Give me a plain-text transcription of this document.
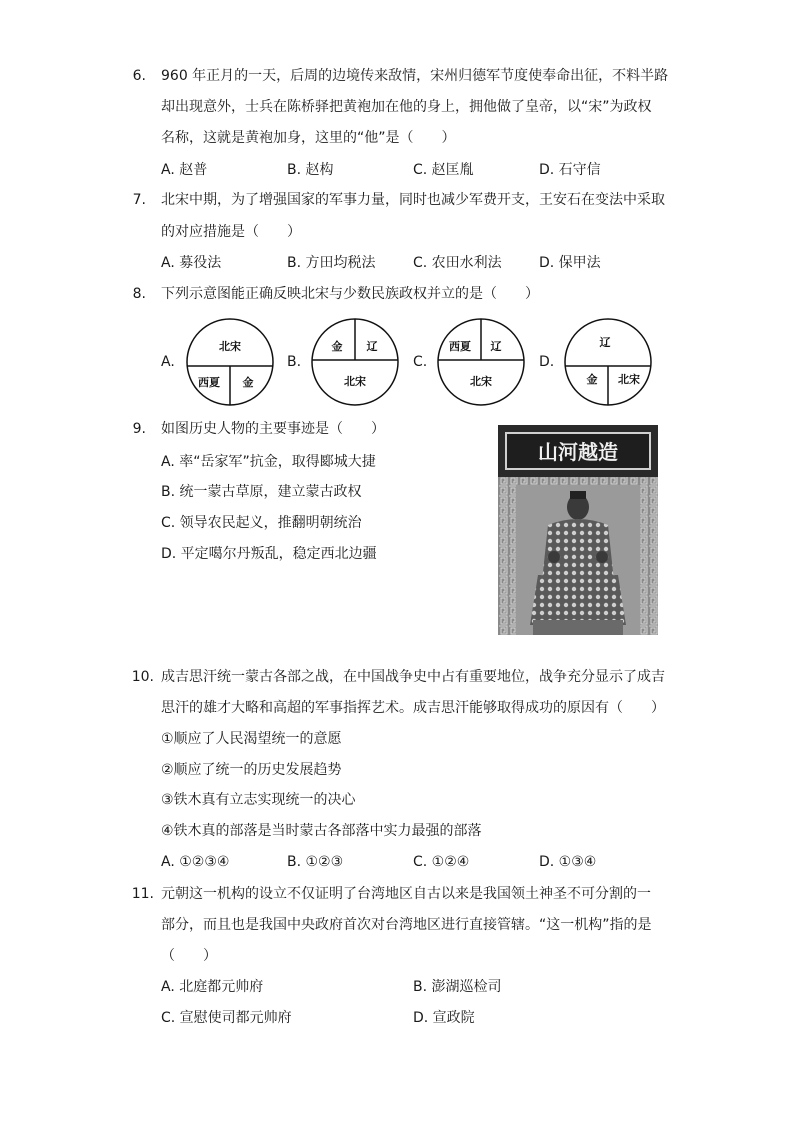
6. 960 年正月的一天，后周的边境传来敌情，宋州归德军节度使奉命出征，不料半路
却出现意外，士兵在陈桥驿把黄袍加在他的身上，拥他做了皇帝，以“宋”为政权
名称，这就是黄袍加身，这里的“他”是（　　）
A. 赵普	B. 赵构	C. 赵匡胤	D. 石守信
7. 北宋中期，为了增强国家的军事力量，同时也减少军费开支，王安石在变法中采取
的对应措施是（　　）
A. 募役法	B. 方田均税法	C. 农田水利法	D. 保甲法
8. 下列示意图能正确反映北宋与少数民族政权并立的是（　　）
A.
北宋
西夏 金
B.
金 辽
北宋
C.
西夏 辽
北宋
D.
辽
金 北宋
9. 如图历史人物的主要事迹是（　　）
A. 率“岳家军”抗金，取得郾城大捷
B. 统一蒙古草原，建立蒙古政权
C. 领导农民起义，推翻明朝统治
D. 平定噶尔丹叛乱，稳定西北边疆
山河越造
10. 成吉思汗统一蒙古各部之战，在中国战争史中占有重要地位，战争充分显示了成吉
思汗的雄才大略和高超的军事指挥艺术。成吉思汗能够取得成功的原因有（　　）
①顺应了人民渴望统一的意愿
②顺应了统一的历史发展趋势
③铁木真有立志实现统一的决心
④铁木真的部落是当时蒙古各部落中实力最强的部落
A. ①②③④	B. ①②③	C. ①②④	D. ①③④
11. 元朝这一机构的设立不仅证明了台湾地区自古以来是我国领土神圣不可分割的一
部分，而且也是我国中央政府首次对台湾地区进行直接管辖。“这一机构”指的是
（　　）
A. 北庭都元帅府	B. 澎湖巡检司
C. 宣慰使司都元帅府	D. 宣政院
